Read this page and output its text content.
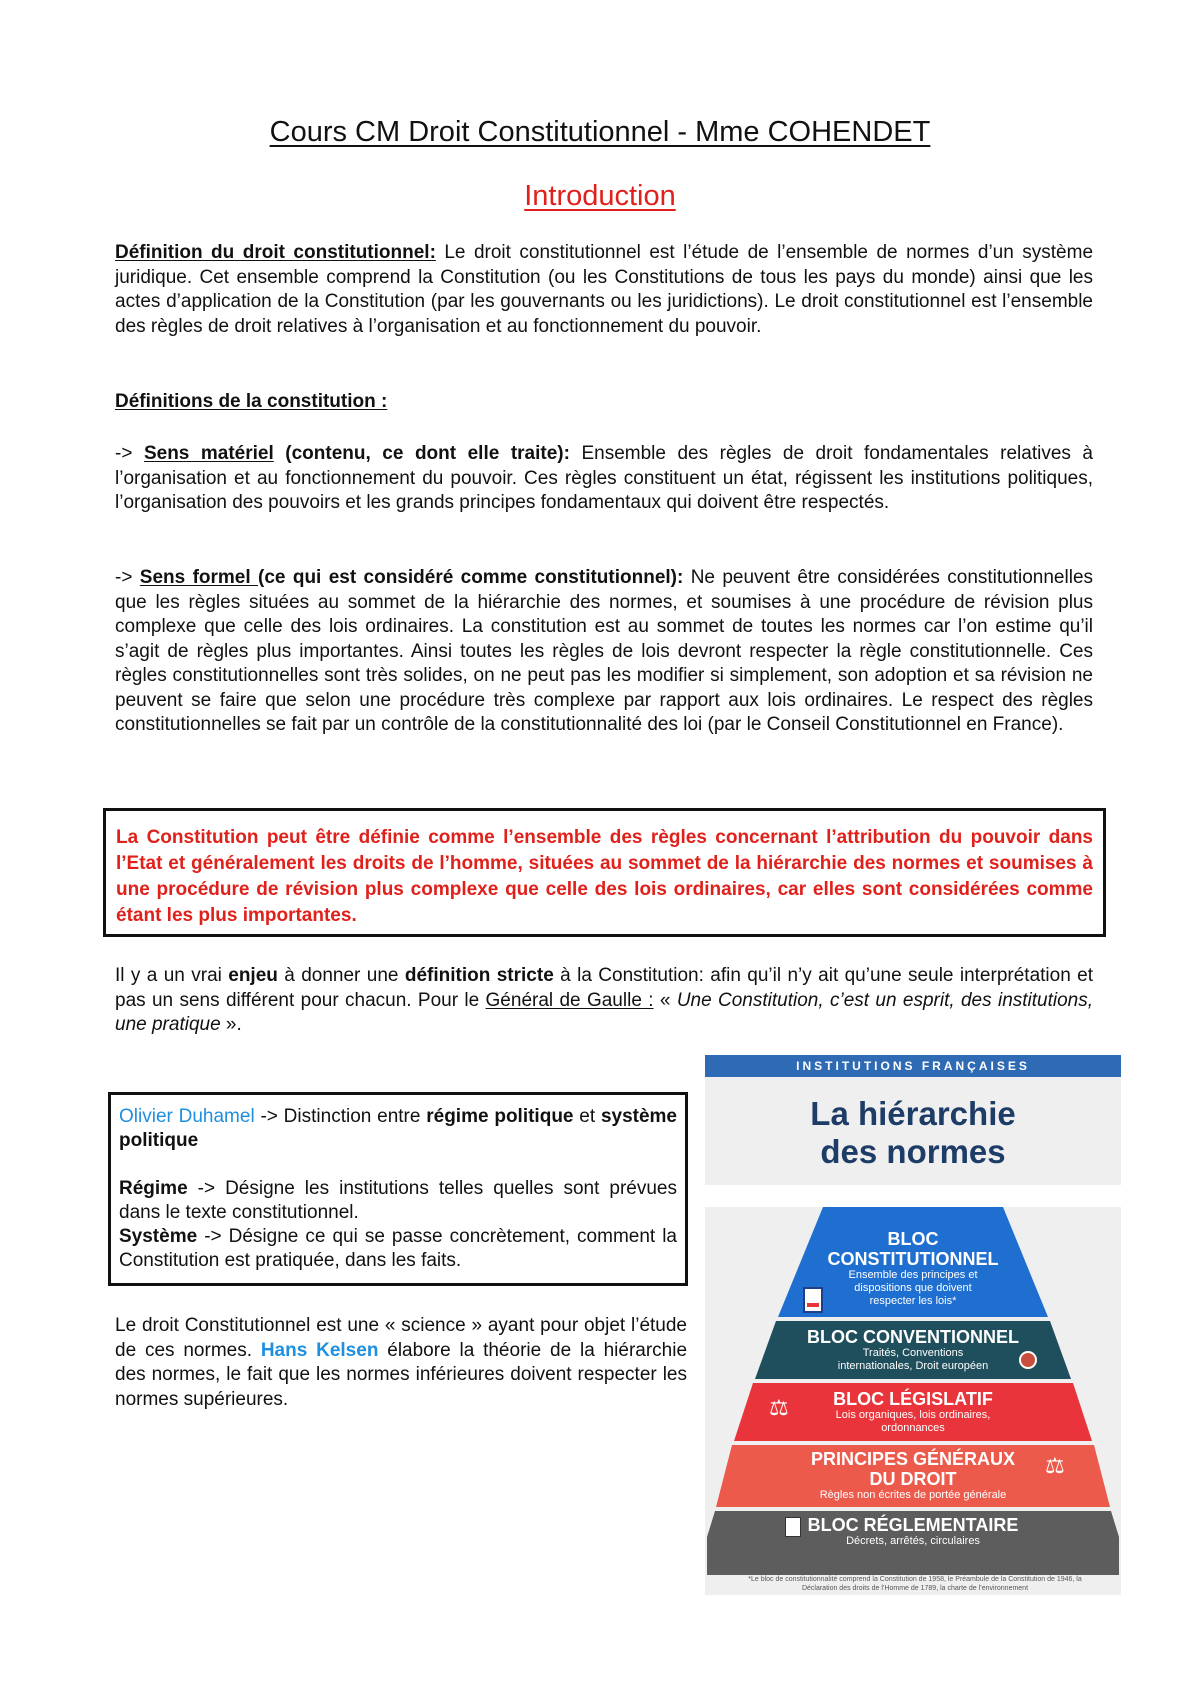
Cours CM Droit Constitutionnel - Mme COHENDET
Introduction
Définition du droit constitutionnel: Le droit constitutionnel est l’étude de l’ensemble de normes d’un système juridique. Cet ensemble comprend la Constitution (ou les Constitutions de tous les pays du monde) ainsi que les actes d’application de la Constitution (par les gouvernants ou les juridictions). Le droit constitutionnel est l’ensemble des règles de droit relatives à l’organisation et au fonctionnement du pouvoir.
Définitions de la constitution :
-> Sens matériel (contenu, ce dont elle traite): Ensemble des règles de droit fondamentales relatives à l’organisation et au fonctionnement du pouvoir. Ces règles constituent un état, régissent les institutions politiques, l’organisation des pouvoirs et les grands principes fondamentaux qui doivent être respectés.
-> Sens formel (ce qui est considéré comme constitutionnel): Ne peuvent être considérées constitutionnelles que les règles situées au sommet de la hiérarchie des normes, et soumises à une procédure de révision plus complexe que celle des lois ordinaires. La constitution est au sommet de toutes les normes car l’on estime qu’il s’agit de règles plus importantes. Ainsi toutes les règles de lois devront respecter la règle constitutionnelle. Ces règles constitutionnelles sont très solides, on ne peut pas les modifier si simplement, son adoption et sa révision ne peuvent se faire que selon une procédure très complexe par rapport aux lois ordinaires. Le respect des règles constitutionnelles se fait par un contrôle de la constitutionnalité des loi (par le Conseil Constitutionnel en France).
La Constitution peut être définie comme l’ensemble des règles concernant l’attribution du pouvoir dans l’Etat et généralement les droits de l’homme, situées au sommet de la hiérarchie des normes et soumises à une procédure de révision plus complexe que celle des lois ordinaires, car elles sont considérées comme étant les plus importantes.
Il y a un vrai enjeu à donner une définition stricte à la Constitution: afin qu’il n’y ait qu’une seule interprétation et pas un sens différent pour chacun. Pour le Général de Gaulle : « Une Constitution, c’est un esprit, des institutions, une pratique ».

Olivier Duhamel -> Distinction entre régime politique et système politique

Régime -> Désigne les institutions telles quelles sont prévues dans le texte constitutionnel.

Système -> Désigne ce qui se passe concrètement, comment la Constitution est pratiquée, dans les faits.

Le droit Constitutionnel est une « science » ayant pour objet l’étude de ces normes. Hans Kelsen élabore la théorie de la hiérarchie des normes, le fait que les normes inférieures doivent respecter les normes supérieures.
INSTITUTIONS FRANÇAISES
La hiérarchie
des normes
BLOC
CONSTITUTIONNEL
Ensemble des principes et
dispositions que doivent
respecter les lois*
BLOC CONVENTIONNEL
Traités, Conventions
internationales, Droit européen
BLOC LÉGISLATIF
Lois organiques, lois ordinaires,
ordonnances
⚖
PRINCIPES GÉNÉRAUX
DU DROIT
Règles non écrites de portée générale
⚖
BLOC RÉGLEMENTAIRE
Décrets, arrêtés, circulaires
*Le bloc de constitutionnalité comprend la Constitution de 1958, le Préambule de la Constitution de 1946, la Déclaration des droits de l’Homme de 1789, la charte de l’environnement
